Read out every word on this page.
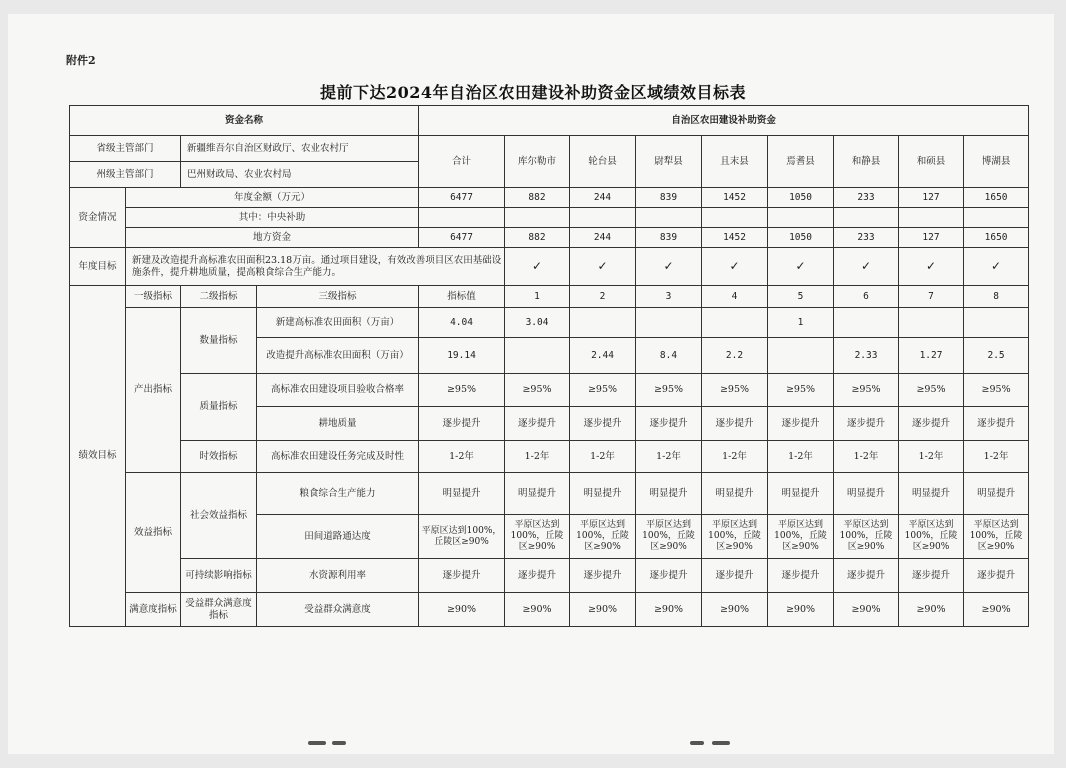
附件2
提前下达2024年自治区农田建设补助资金区域绩效目标表
资金名称				自治区农田建设补助资金								
省级主管部门		新疆维吾尔自治区财政厅、农业农村厅		合计	库尔勒市	轮台县	尉犁县	且末县	焉耆县	和静县	和硕县	博湖县
州级主管部门		巴州财政局、农业农村局										
资金情况	年度金额（万元）			6477	882	244	839	1452	1050	233	127	1650
	其中：中央补助											
	地方资金			6477	882	244	839	1452	1050	233	127	1650
年度目标	新建及改造提升高标准农田面积23.18万亩。通过项目建设，有效改善项目区农田基础设施条件，提升耕地质量，提高粮食综合生产能力。				✓	✓	✓	✓	✓	✓	✓	✓
绩效目标	一级指标	二级指标	三级指标	指标值	1	2	3	4	5	6	7	8
	产出指标	数量指标	新建高标准农田面积（万亩）	4.04	3.04				1			
			改造提升高标准农田面积（万亩）	19.14		2.44	8.4	2.2		2.33	1.27	2.5
		质量指标	高标准农田建设项目验收合格率	≥95%	≥95%	≥95%	≥95%	≥95%	≥95%	≥95%	≥95%	≥95%
			耕地质量	逐步提升	逐步提升	逐步提升	逐步提升	逐步提升	逐步提升	逐步提升	逐步提升	逐步提升
		时效指标	高标准农田建设任务完成及时性	1-2年	1-2年	1-2年	1-2年	1-2年	1-2年	1-2年	1-2年	1-2年
	效益指标	社会效益指标	粮食综合生产能力	明显提升	明显提升	明显提升	明显提升	明显提升	明显提升	明显提升	明显提升	明显提升
			田间道路通达度	平原区达到100%，丘陵区≥90%	平原区达到100%，丘陵区≥90%	平原区达到100%，丘陵区≥90%	平原区达到100%，丘陵区≥90%	平原区达到100%，丘陵区≥90%	平原区达到100%，丘陵区≥90%	平原区达到100%，丘陵区≥90%	平原区达到100%，丘陵区≥90%	平原区达到100%，丘陵区≥90%
		可持续影响指标	水资源利用率	逐步提升	逐步提升	逐步提升	逐步提升	逐步提升	逐步提升	逐步提升	逐步提升	逐步提升
	满意度指标	受益群众满意度指标	受益群众满意度	≥90%	≥90%	≥90%	≥90%	≥90%	≥90%	≥90%	≥90%	≥90%
